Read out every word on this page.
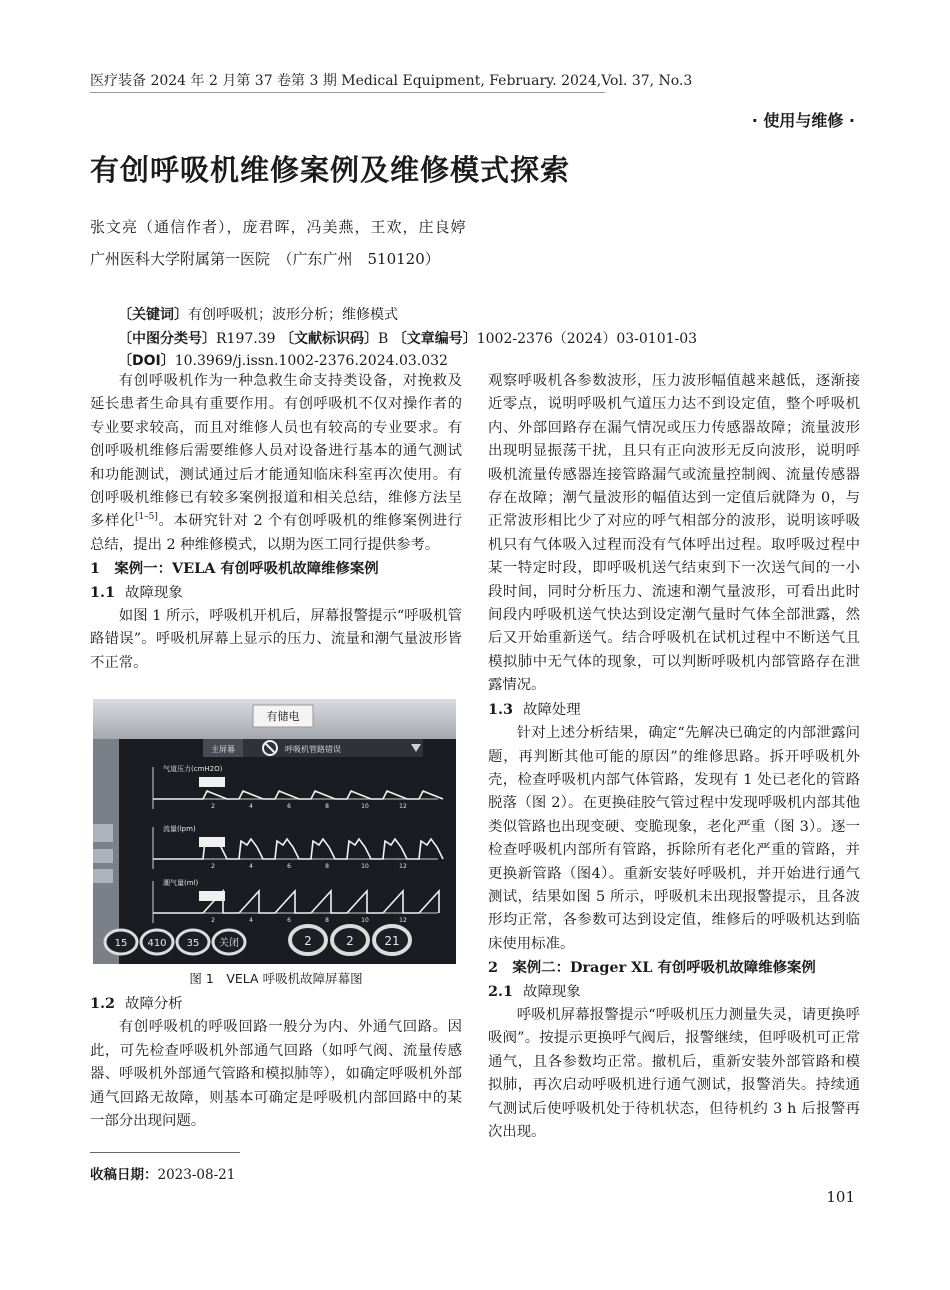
医疗装备 2024 年 2 月第 37 卷第 3 期 Medical Equipment, February. 2024,Vol. 37, No.3
· 使用与维修 ·
有创呼吸机维修案例及维修模式探索
张文亮（通信作者），庞君晖，冯美燕，王欢，庄良婷
广州医科大学附属第一医院　（广东广州　510120）
〔关键词〕有创呼吸机；波形分析；维修模式
〔中图分类号〕R197.39 〔文献标识码〕B 〔文章编号〕1002-2376（2024）03-0101-03
〔DOI〕10.3969/j.issn.1002-2376.2024.03.032

有创呼吸机作为一种急救生命支持类设备，对挽救及延长患者生命具有重要作用。有创呼吸机不仅对操作者的专业要求较高，而且对维修人员也有较高的专业要求。有创呼吸机维修后需要维修人员对设备进行基本的通气测试和功能测试，测试通过后才能通知临床科室再次使用。有创呼吸机维修已有较多案例报道和相关总结，维修方法呈多样化[1–5]。本研究针对 2 个有创呼吸机的维修案例进行总结，提出 2 种维修模式，以期为医工同行提供参考。

1　案例一：VELA 有创呼吸机故障维修案例

1.1 故障现象

如图 1 所示，呼吸机开机后，屏幕报警提示“呼吸机管路错误”。呼吸机屏幕上显示的压力、流量和潮气量波形皆不正常。

有储电
主屏幕	呼吸机管路错误
气道压力(cmH2O)
2	4	6	8	10	12
流量(lpm)
2	4	6	8	10	12
潮气量(ml)
2	4	6	8	10	12
15 410 35 关闭	2	2	21
图 1　VELA 呼吸机故障屏幕图

1.2 故障分析

有创呼吸机的呼吸回路一般分为内、外通气回路。因此，可先检查呼吸机外部通气回路（如呼气阀、流量传感器、呼吸机外部通气管路和模拟肺等），如确定呼吸机外部通气回路无故障，则基本可确定是呼吸机内部回路中的某一部分出现问题。

观察呼吸机各参数波形，压力波形幅值越来越低，逐渐接近零点，说明呼吸机气道压力达不到设定值，整个呼吸机内、外部回路存在漏气情况或压力传感器故障；流量波形出现明显振荡干扰，且只有正向波形无反向波形，说明呼吸机流量传感器连接管路漏气或流量控制阀、流量传感器存在故障；潮气量波形的幅值达到一定值后就降为 0，与正常波形相比少了对应的呼气相部分的波形，说明该呼吸机只有气体吸入过程而没有气体呼出过程。取呼吸过程中某一特定时段，即呼吸机送气结束到下一次送气间的一小段时间，同时分析压力、流速和潮气量波形，可看出此时间段内呼吸机送气快达到设定潮气量时气体全部泄露，然后又开始重新送气。结合呼吸机在试机过程中不断送气且模拟肺中无气体的现象，可以判断呼吸机内部管路存在泄露情况。

1.3 故障处理

针对上述分析结果，确定“先解决已确定的内部泄露问题，再判断其他可能的原因”的维修思路。拆开呼吸机外壳，检查呼吸机内部气体管路，发现有 1 处已老化的管路脱落（图 2）。在更换硅胶气管过程中发现呼吸机内部其他类似管路也出现变硬、变脆现象，老化严重（图 3）。逐一检查呼吸机内部所有管路，拆除所有老化严重的管路，并更换新管路（图4）。重新安装好呼吸机，并开始进行通气测试，结果如图 5 所示，呼吸机未出现报警提示，且各波形均正常，各参数可达到设定值，维修后的呼吸机达到临床使用标准。

2　案例二：Drager XL 有创呼吸机故障维修案例

2.1 故障现象

呼吸机屏幕报警提示“呼吸机压力测量失灵，请更换呼吸阀”。按提示更换呼气阀后，报警继续，但呼吸机可正常通气，且各参数均正常。撤机后，重新安装外部管路和模拟肺，再次启动呼吸机进行通气测试，报警消失。持续通气测试后使呼吸机处于待机状态，但待机约 3 h 后报警再次出现。

收稿日期：2023-08-21
101
